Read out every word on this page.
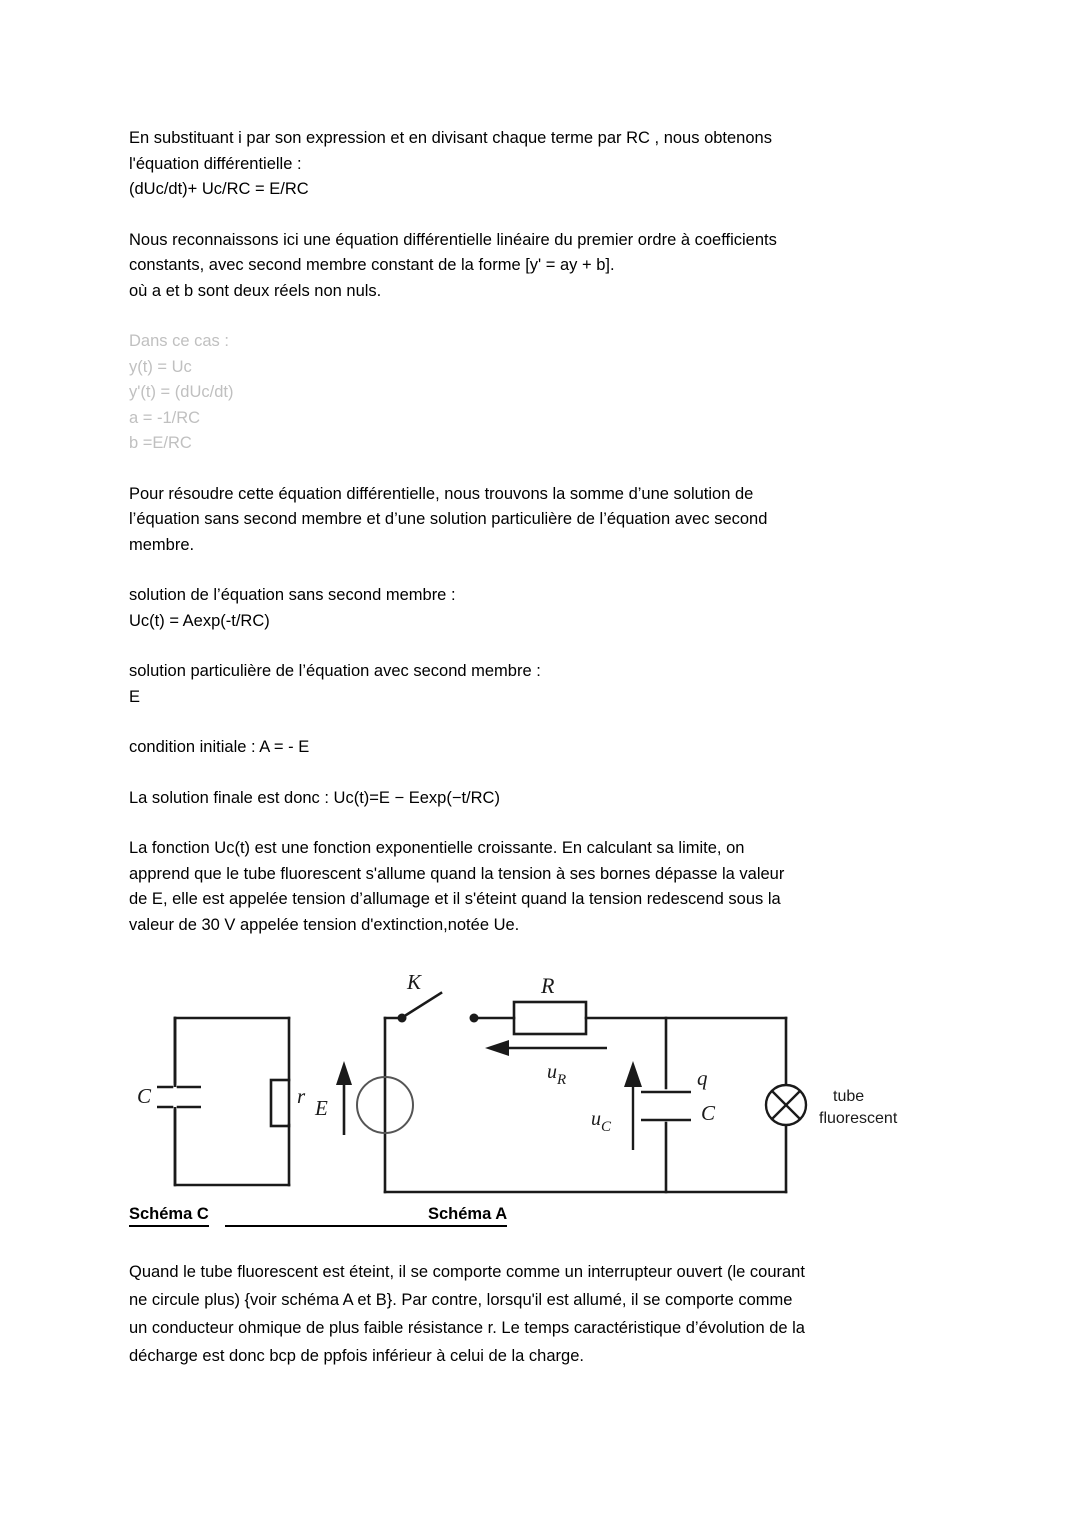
En substituant i par son expression et en divisant chaque terme par RC , nous obtenons

l'équation différentielle :

(dUc/dt)+ Uc/RC = E/RC

Nous reconnaissons ici une équation différentielle linéaire du premier ordre à coefficients

constants, avec second membre constant de la forme [y' = ay + b].

où a et b sont deux réels non nuls.

Dans ce cas :

y(t) = Uc

y'(t) = (dUc/dt)

a = -1/RC

b =E/RC

Pour résoudre cette équation différentielle, nous trouvons la somme d’une solution de

l’équation sans second membre et d’une solution particulière de l’équation avec second

membre.

solution de l’équation sans second membre :

Uc(t) = Aexp(-t/RC)

solution particulière de l’équation avec second membre :

E

condition initiale : A = - E

La solution finale est donc : Uc(t)=E − Eexp(−t/RC)

La fonction Uc(t) est une fonction exponentielle croissante. En calculant sa limite, on

apprend que le tube fluorescent s'allume quand la tension à ses bornes dépasse la valeur

de E, elle est appelée tension d’allumage et il s'éteint quand la tension redescend sous la

valeur de 30 V appelée tension d'extinction,notée Ue.

C	r
K	R
E
$u_R$
$u_C$
q
C
tube
fluorescent
Schéma C	Schéma A

Quand le tube fluorescent est éteint, il se comporte comme un interrupteur ouvert (le courant

ne circule plus) {voir schéma A et B}. Par contre, lorsqu'il est allumé, il se comporte comme

un conducteur ohmique de plus faible résistance r. Le temps caractéristique d’évolution de la

décharge est donc bcp de ppfois inférieur à celui de la charge.
